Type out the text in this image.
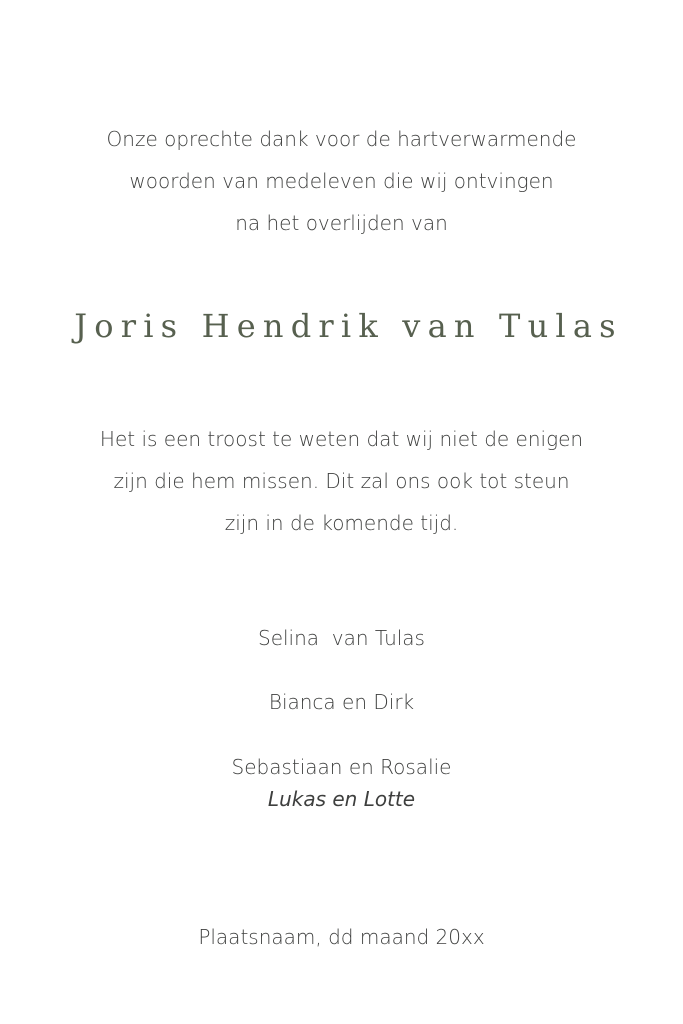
Onze oprechte dank voor de hartverwarmende
woorden van medeleven die wij ontvingen
na het overlijden van
Joris Hendrik van Tulas
Het is een troost te weten dat wij niet de enigen
zijn die hem missen. Dit zal ons ook tot steun
zijn in de komende tijd.
Selina  van Tulas
Bianca en Dirk
Sebastiaan en Rosalie
Lukas en Lotte
Plaatsnaam, dd maand 20xx
